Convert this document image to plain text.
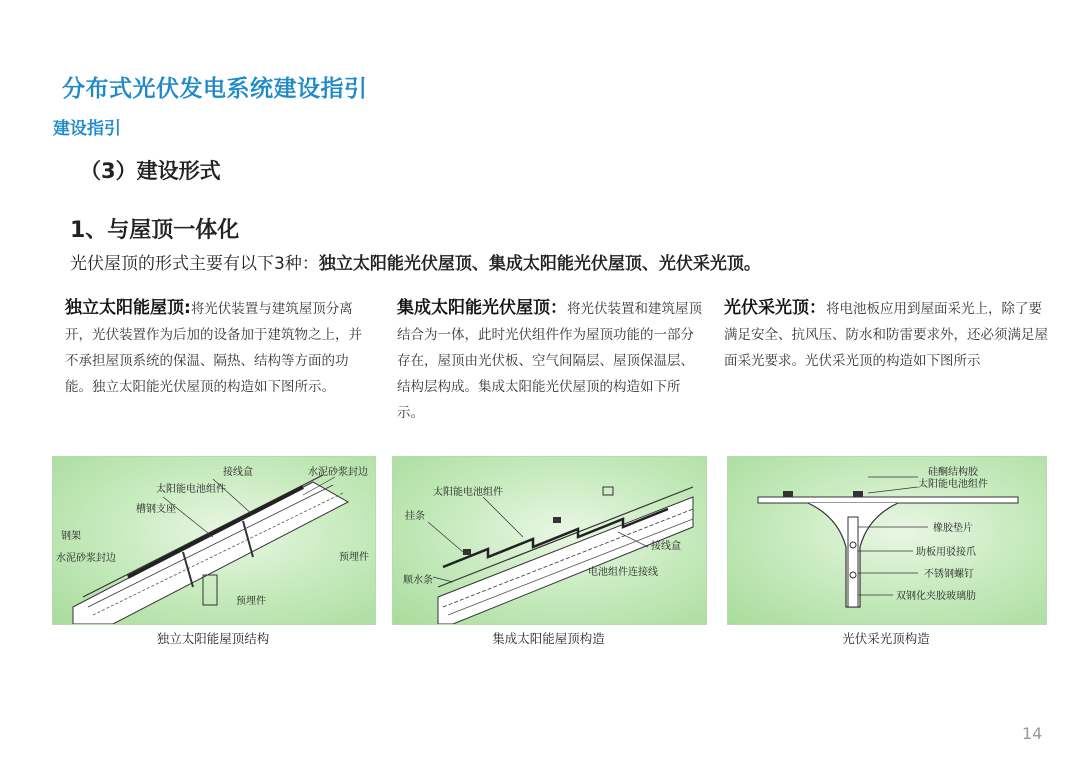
分布式光伏发电系统建设指引
建设指引
（3）建设形式
1、与屋顶一体化
光伏屋顶的形式主要有以下3种：独立太阳能光伏屋顶、集成太阳能光伏屋顶、光伏采光顶。
独立太阳能屋顶:将光伏装置与建筑屋顶分离开，光伏装置作为后加的设备加于建筑物之上，并不承担屋顶系统的保温、隔热、结构等方面的功能。独立太阳能光伏屋顶的构造如下图所示。
集成太阳能光伏屋顶：将光伏装置和建筑屋顶结合为一体，此时光伏组件作为屋顶功能的一部分存在，屋顶由光伏板、空气间隔层、屋顶保温层、结构层构成。集成太阳能光伏屋顶的构造如下所示。
光伏采光顶：将电池板应用到屋面采光上，除了要满足安全、抗风压、防水和防雷要求外，还必须满足屋面采光要求。光伏采光顶的构造如下图所示
接线盒	水泥砂浆封边
太阳能电池组件
槽钢支座
钢架
水泥砂浆封边	预埋件
预埋件
太阳能电池组件
挂条
接线盒
顺水条
电池组件连接线
硅酮结构胶
太阳能电池组件
橡胶垫片
助板用驳接爪
不锈钢螺钉
双钢化夹胶玻璃肋
独立太阳能屋顶结构	集成太阳能屋顶构造	光伏采光顶构造
14
